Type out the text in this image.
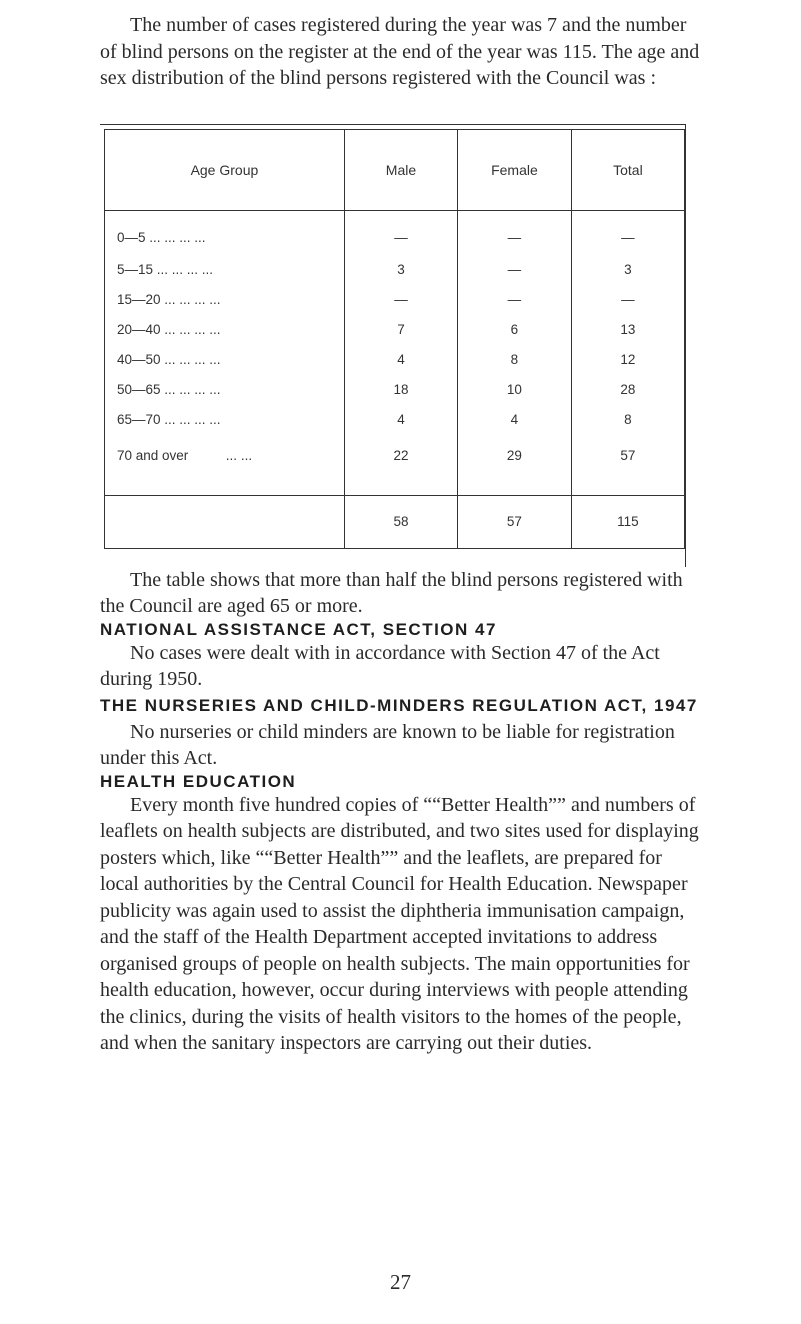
The number of cases registered during the year was 7 and the number of blind persons on the register at the end of the year was 115. The age and sex distribution of the blind persons registered with the Council was :

Age Group	Male	Female	Total
0—5 ... ... ... ...	—	—	—
5—15 ... ... ... ...	3	—	3
15—20 ... ... ... ...	—	—	—
20—40 ... ... ... ...	7	6	13
40—50 ... ... ... ...	4	8	12
50—65 ... ... ... ...	18	10	28
65—70 ... ... ... ...	4	4	8
70 and over          ... ...	22	29	57
	58	57	115

The table shows that more than half the blind persons registered with the Council are aged 65 or more.

NATIONAL ASSISTANCE ACT, SECTION 47

No cases were dealt with in accordance with Section 47 of the Act during 1950.

THE NURSERIES AND CHILD-MINDERS REGULATION ACT, 1947

No nurseries or child minders are known to be liable for registration under this Act.

HEALTH EDUCATION

Every month five hundred copies of ““Better Health”” and numbers of leaflets on health subjects are distributed, and two sites used for displaying posters which, like ““Better Health”” and the leaflets, are prepared for local authorities by the Central Council for Health Education. Newspaper publicity was again used to assist the diphtheria immunisation campaign, and the staff of the Health Department accepted invitations to address organised groups of people on health subjects. The main opportunities for health education, however, occur during interviews with people attending the clinics, during the visits of health visitors to the homes of the people, and when the sanitary inspectors are carrying out their duties.

27
